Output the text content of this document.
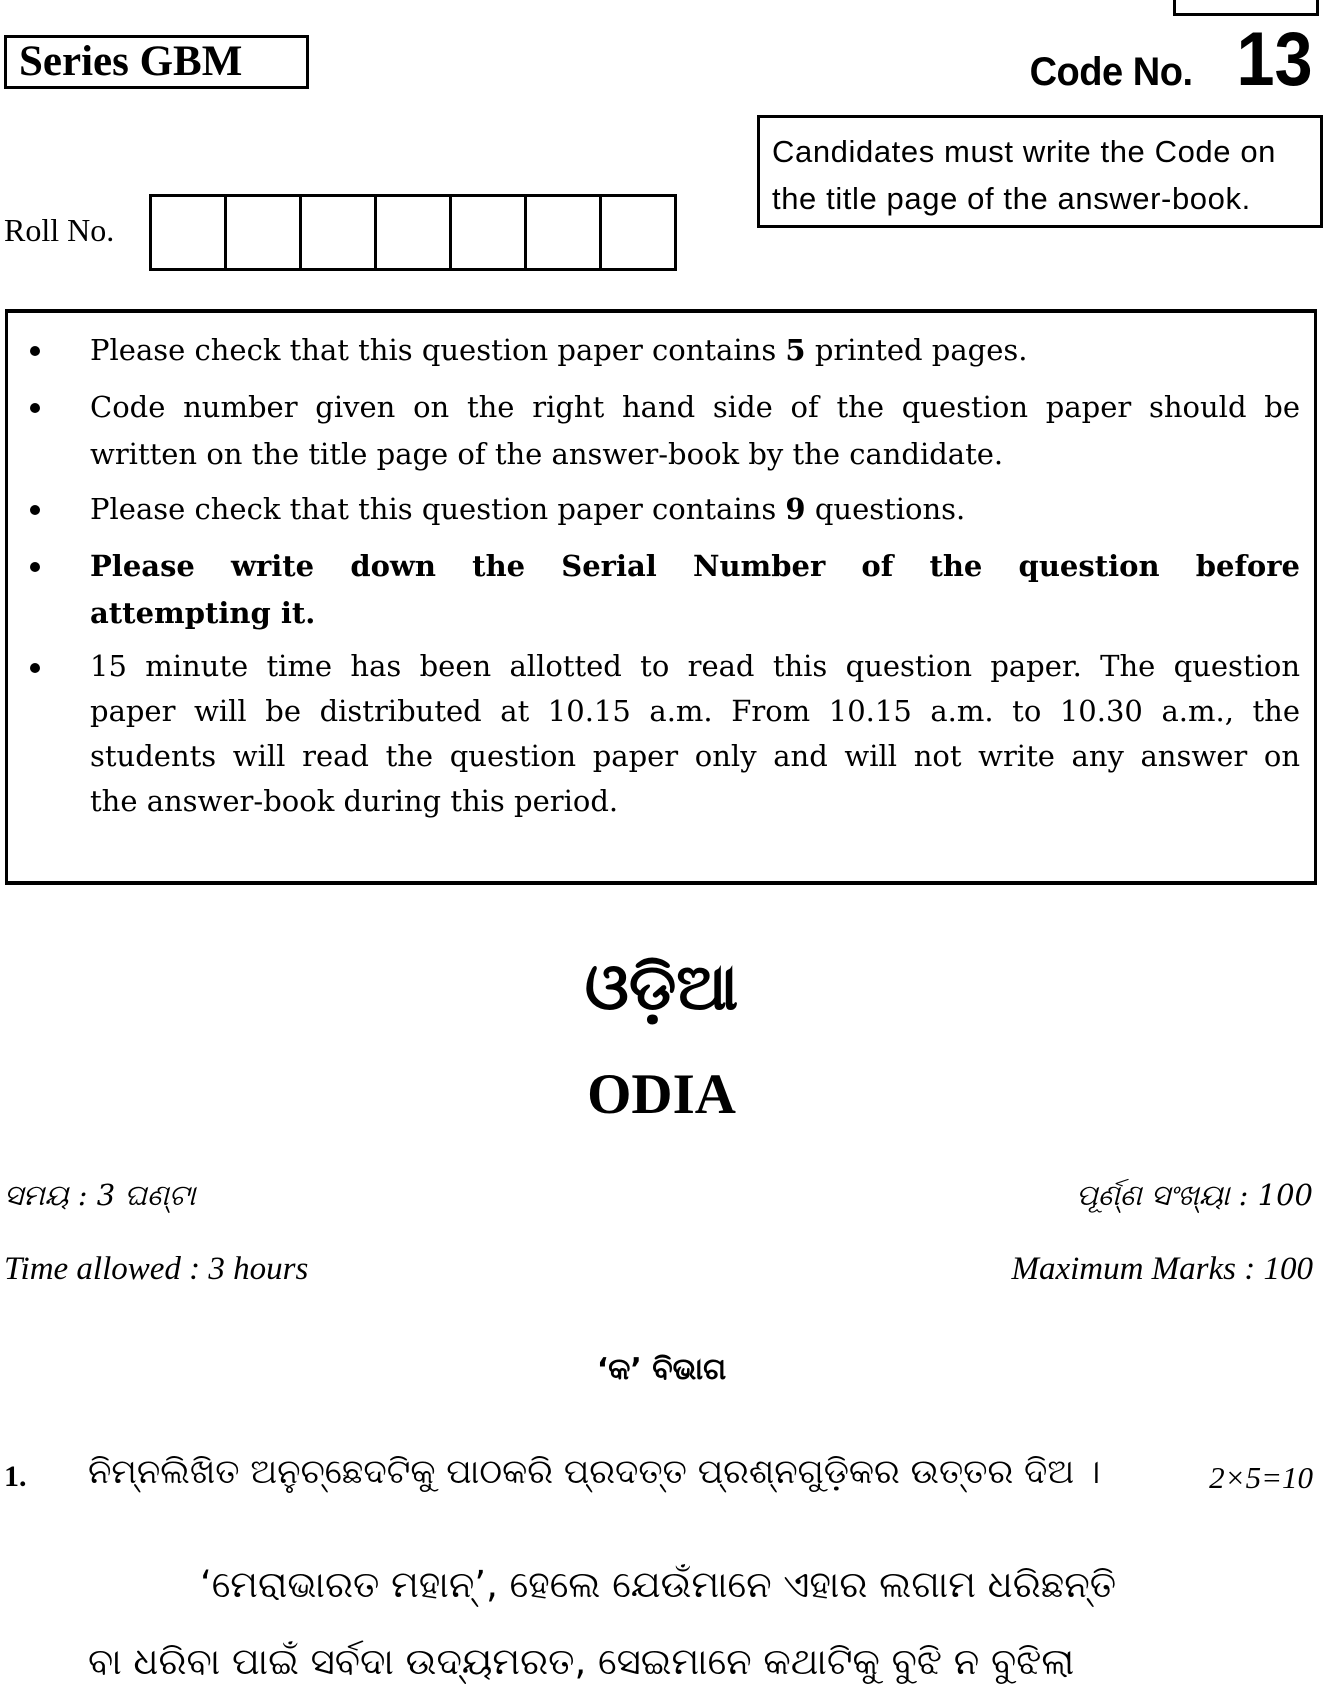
Series GBM	Code No. 13
Candidates must write the Code on
the title page of the answer-book.
Roll No.
Please check that this question paper contains 5 printed pages.
Code number given on the right hand side of the question paper should be
written on the title page of the answer-book by the candidate.
Please check that this question paper contains 9 questions.
Please write down the Serial Number of the question before
attempting it.
15 minute time has been allotted to read this question paper. The question
paper will be distributed at 10.15 a.m. From 10.15 a.m. to 10.30 a.m., the
students will read the question paper only and will not write any answer on
the answer-book during this period.
ଓଡ଼ିଆ
ODIA
ସମୟ : 3 ଘଣ୍ଟା	ପୂର୍ଣ୍ଣ ସଂଖ୍ୟା : 100
Time allowed : 3 hours	Maximum Marks : 100
‘କ’ ବିଭାଗ
1. ନିମ୍ନଲିଖିତ ଅନୁଚ୍ଛେଦଟିକୁ ପାଠକରି ପ୍ରଦତ୍ତ ପ୍ରଶ୍ନଗୁଡ଼ିକର ଉତ୍ତର ଦିଅ ।	2×5=10
‘ମେରାଭାରତ ମହାନ୍’, ହେଲେ ଯେଉଁମାନେ ଏହାର ଲଗାମ ଧରିଛନ୍ତି
ବା ଧରିବା ପାଇଁ ସର୍ବଦା ଉଦ୍ୟମରତ, ସେଇମାନେ କଥାଟିକୁ ବୁଝି ନ ବୁଝିଲା
